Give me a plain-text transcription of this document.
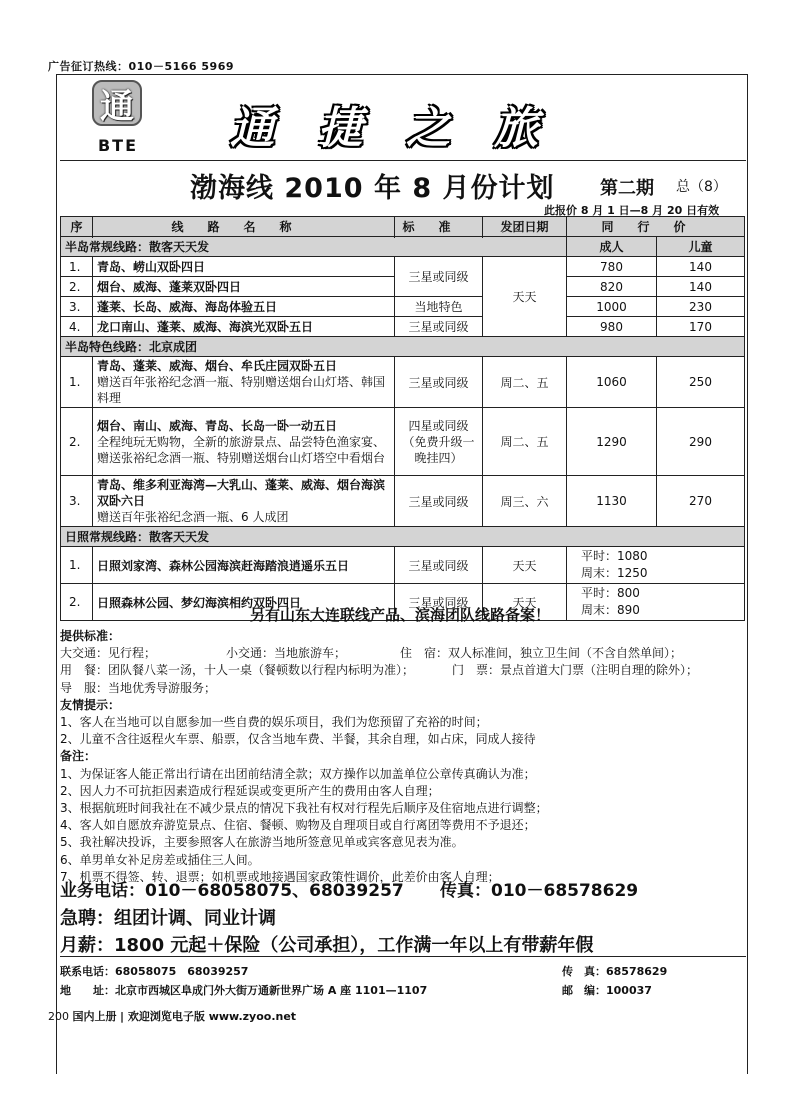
广告征订热线：010－5166 5969
通
BTE 通捷之旅
渤海线 2010 年 8 月份计划	第二期 总（8）
此报价 8 月 1 日—8 月 20 日有效
序	线路名称	标准	发团日期	同行价	

半岛常规线路：散客天天发				成人	儿童
1.	青岛、崂山双卧四日	三星或同级	天天	780	140
2.	烟台、威海、蓬莱双卧四日			820	140
3.	蓬莱、长岛、威海、海岛体验五日	当地特色		1000	230
4.	龙口南山、蓬莱、威海、海滨光双卧五日	三星或同级		980	170
半岛特色线路：北京成团					
1.	青岛、蓬莱、威海、烟台、牟氏庄园双卧五日
赠送百年张裕纪念酒一瓶、特别赠送烟台山灯塔、韩国料理	三星或同级	周二、五	1060	250
2.	烟台、南山、威海、青岛、长岛一卧一动五日
全程纯玩无购物，全新的旅游景点、品尝特色渔家宴、赠送张裕纪念酒一瓶、特别赠送烟台山灯塔空中看烟台	四星或同级（免费升级一晚挂四）	周二、五	1290	290
3.	青岛、维多利亚海湾—大乳山、蓬莱、威海、烟台海滨双卧六日
赠送百年张裕纪念酒一瓶、6 人成团	三星或同级	周三、六	1130	270
日照常规线路：散客天天发					
1.	日照刘家湾、森林公园海滨赶海踏浪逍遥乐五日	三星或同级	天天	平时：1080
周末：1250	

2.	日照森林公园、梦幻海滨相约双卧四日	三星或同级	天天	平时：800
周末：890	
另有山东大连联线产品、滨海团队线路备案！
提供标准：
大交通：见行程；	小交通：当地旅游车；	住　宿：双人标准间，独立卫生间（不含自然单间）；
用　餐：团队餐八菜一汤，十人一桌（餐顿数以行程内标明为准）；	门　票：景点首道大门票（注明自理的除外）；
导　服：当地优秀导游服务；
友情提示：
1、客人在当地可以自愿参加一些自费的娱乐项目，我们为您预留了充裕的时间；
2、儿童不含往返程火车票、船票，仅含当地车费、半餐，其余自理，如占床，同成人接待
备注：
1、为保证客人能正常出行请在出团前结清全款；双方操作以加盖单位公章传真确认为准；
2、因人力不可抗拒因素造成行程延误或变更所产生的费用由客人自理；
3、根据航班时间我社在不减少景点的情况下我社有权对行程先后顺序及住宿地点进行调整；
4、客人如自愿放弃游览景点、住宿、餐顿、购物及自理项目或自行离团等费用不予退还；
5、我社解决投诉，主要参照客人在旅游当地所签意见单或宾客意见表为准。
6、单男单女补足房差或插住三人间。
7、机票不得签、转、退票；如机票或地接遇国家政策性调价，此差价由客人自理；
业务电话：010－68058075、68039257	传真：010－68578629
急聘：组团计调、同业计调
月薪：1800 元起＋保险（公司承担），工作满一年以上有带薪年假
联系电话：68058075　68039257	传　真：68578629
地　　址：北京市西城区阜成门外大街万通新世界广场 A 座 1101—1107	邮　编：100037
200 国内上册 | 欢迎浏览电子版 www.zyoo.net
